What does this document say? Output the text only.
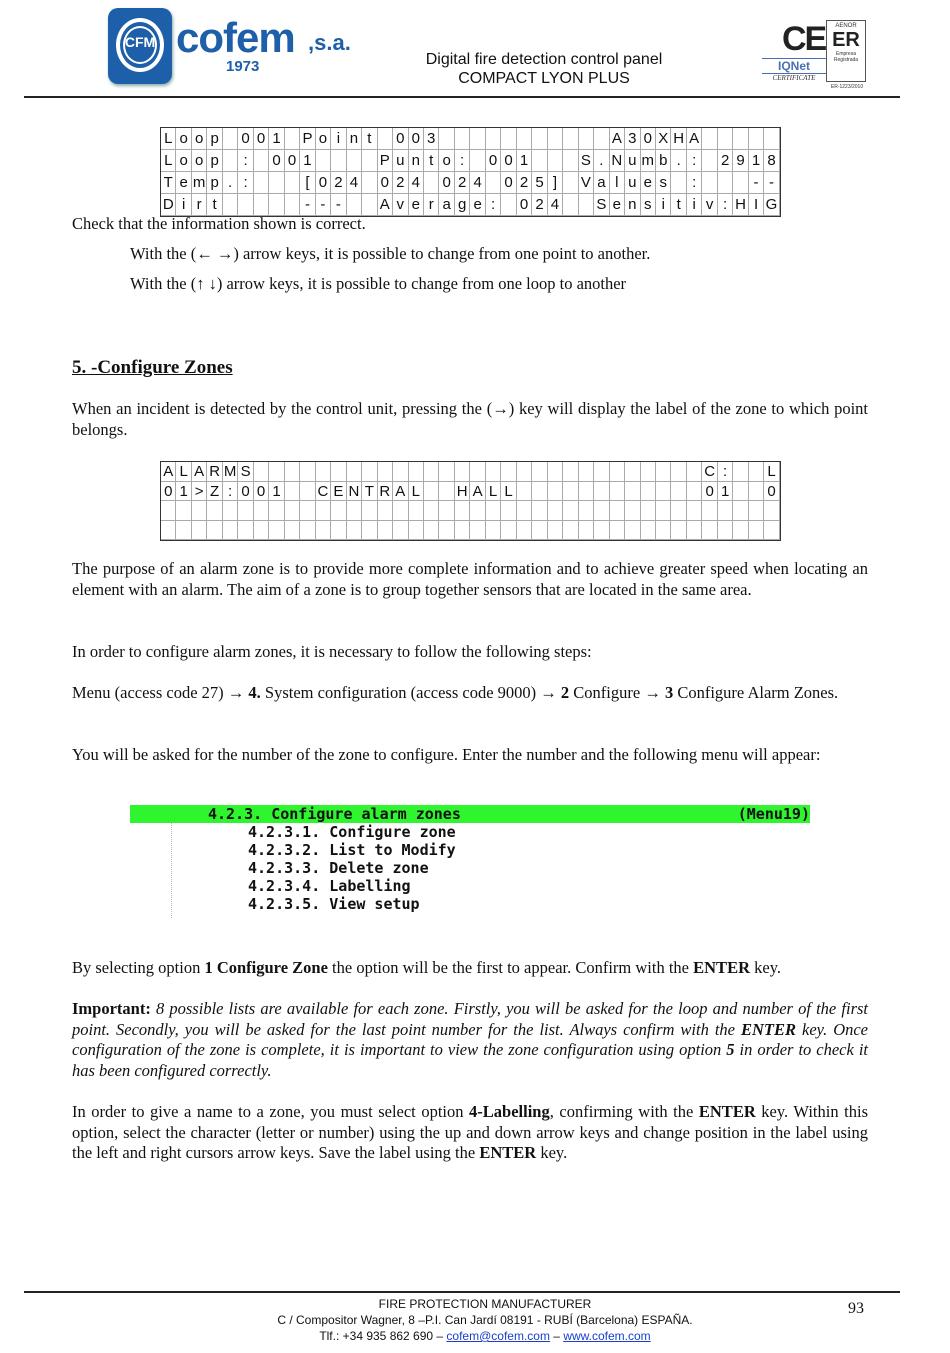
CFM cofem ,s.a.
1973	Digital fire detection control panel
COMPACT LYON PLUS
CE
IQNet
CERTIFICATE
AENOR
ER
Empresa
Registrada
ER-1223/2010
L o o p 0 0 1 P o i n t	0 0 3	A 3 0 X H A
L o o p	:	0 0 1	P u n t o :	0 0 1	S . N u m b . :	2 9 1 8
T e m p . :	[ 0 2 4 0 2 4 0 2 4 0 2 5 ]	V a l u e s	:	- -
D i r t	- - -	A v e r a g e :	0 2 4 S e n s i t i v : H I G
Check that the information shown is correct.
With the (← →) arrow keys, it is possible to change from one point to another.
With the (↑ ↓) arrow keys, it is possible to change from one loop to another
5. -Configure Zones
When an incident is detected by the control unit, pressing the (→) key will display the label of the zone to which point belongs.
A L A R M S	C :	L
0 1 > Z : 0 0 1 C E N T R A L H A L L	0 1	0
The purpose of an alarm zone is to provide more complete information and to achieve greater speed when locating an element with an alarm. The aim of a zone is to group together sensors that are located in the same area.
In order to configure alarm zones, it is necessary to follow the following steps:
Menu (access code 27) → 4. System configuration (access code 9000) → 2 Configure → 3 Configure Alarm Zones.
You will be asked for the number of the zone to configure. Enter the number and the following menu will appear:
4.2.3. Configure alarm zones	(Menu19)
4.2.3.1. Configure zone
4.2.3.2. List to Modify
4.2.3.3. Delete zone
4.2.3.4. Labelling
4.2.3.5. View setup
By selecting option 1 Configure Zone the option will be the first to appear. Confirm with the ENTER key.
Important: 8 possible lists are available for each zone. Firstly, you will be asked for the loop and number of the first point. Secondly, you will be asked for the last point number for the list. Always confirm with the ENTER key. Once configuration of the zone is complete, it is important to view the zone configuration using option 5 in order to check it has been configured correctly.
In order to give a name to a zone, you must select option 4-Labelling, confirming with the ENTER key. Within this option, select the character (letter or number) using the up and down arrow keys and change position in the label using the left and right cursors arrow keys. Save the label using the ENTER key.
FIRE PROTECTION MANUFACTURER
C / Compositor Wagner, 8 –P.I. Can Jardí 08191 - RUBÍ (Barcelona) ESPAÑA.
Tlf.: +34 935 862 690 – cofem@cofem.com – www.cofem.com
93
